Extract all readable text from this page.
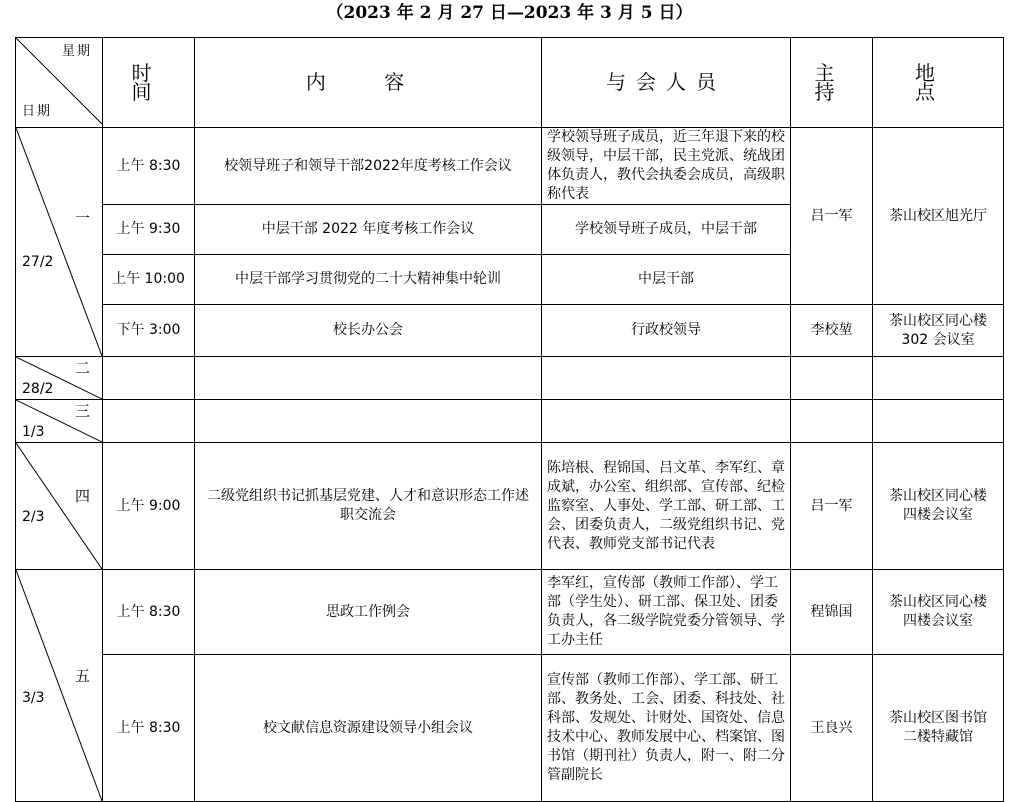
（2023 年 2 月 27 日—2023 年 3 月 5 日）
星期
日期	时 间	内 容	与会人员	主 持	地 点

一
27/2	上午 8:30	校领导班子和领导干部2022年度考核工作会议	学校领导班子成员，近三年退下来的校级领导，中层干部，民主党派、统战团体负责人，教代会执委会成员，高级职称代表	吕一军	茶山校区旭光厅
	上午 9:30	中层干部 2022 年度考核工作会议	学校领导班子成员，中层干部		
	上午 10:00	中层干部学习贯彻党的二十大精神集中轮训	中层干部		
	下午 3:00	校长办公会	行政校领导	李校堃	茶山校区同心楼 302 会议室

二
28/2					

三
1/3					

四
2/3	上午 9:00	二级党组织书记抓基层党建、人才和意识形态工作述职交流会	陈培根、程锦国、吕文革、李军红、章成斌，办公室、组织部、宣传部、纪检监察室、人事处、学工部、研工部、工会、团委负责人，二级党组织书记、党代表、教师党支部书记代表	吕一军	茶山校区同心楼四楼会议室

五
3/3	上午 8:30	思政工作例会	李军红，宣传部（教师工作部）、学工部（学生处）、研工部、保卫处、团委负责人，各二级学院党委分管领导、学工办主任	程锦国	茶山校区同心楼四楼会议室
	上午 8:30	校文献信息资源建设领导小组会议	宣传部（教师工作部）、学工部、研工部、教务处、工会、团委、科技处、社科部、发规处、计财处、国资处、信息技术中心、教师发展中心、档案馆、图书馆（期刊社）负责人，附一、附二分管副院长	王良兴	茶山校区图书馆二楼特藏馆
